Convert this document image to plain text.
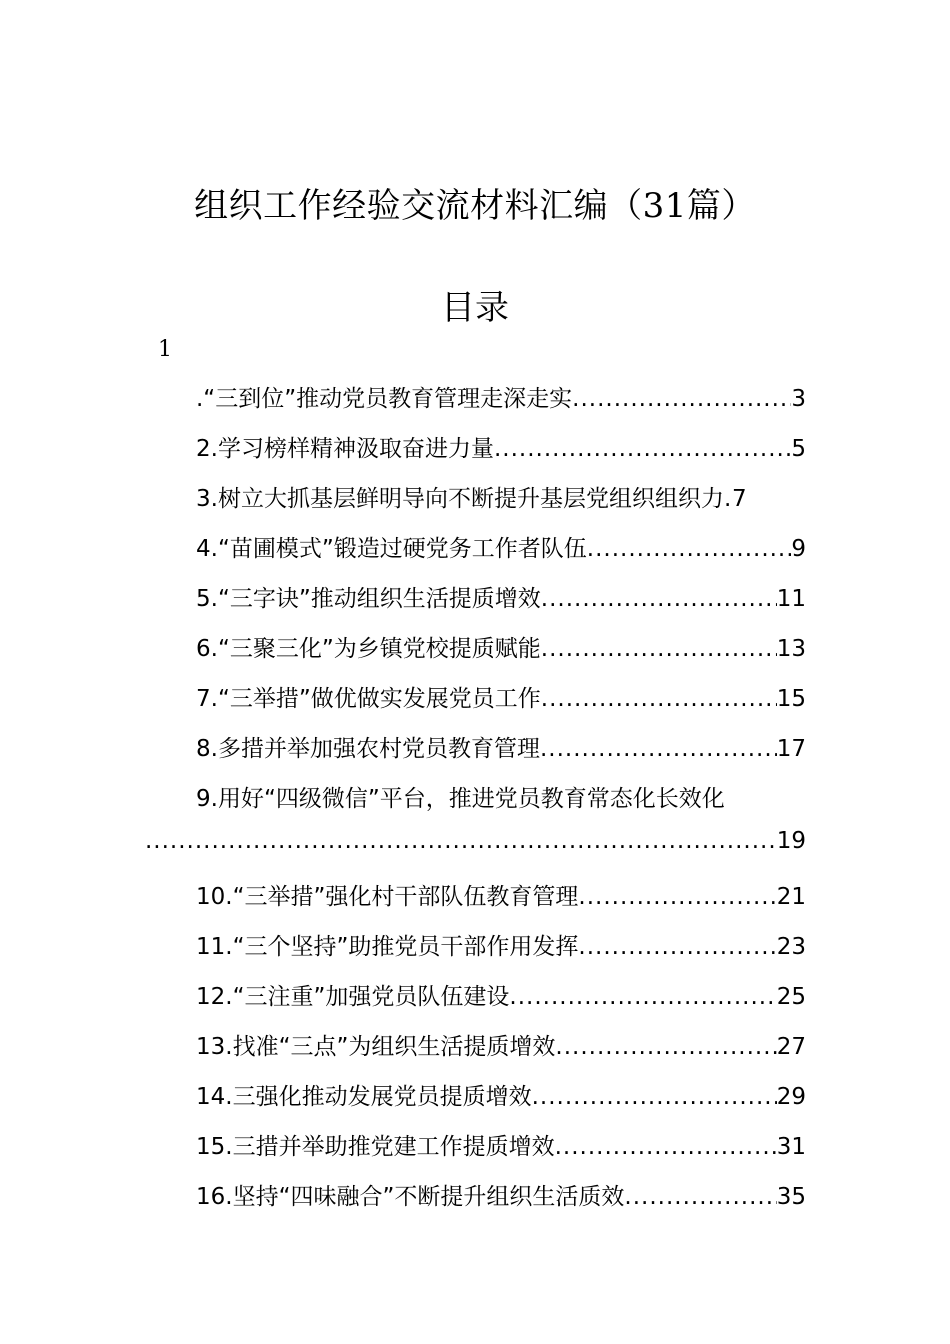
组织工作经验交流材料汇编（31篇）
目录
1
.“三到位”推动党员教育管理走深走实 .....	3
2.学习榜样精神汲取奋进力量 .....	5
3.树立大抓基层鲜明导向不断提升基层党组织组织力 ..... 7
4.“苗圃模式”锻造过硬党务工作者队伍 .....	9
5.“三字诀”推动组织生活提质增效 .....	11
6.“三聚三化”为乡镇党校提质赋能 .....	13
7.“三举措”做优做实发展党员工作 .....	15
8.多措并举加强农村党员教育管理 .....	17
9.用好“四级微信”平台，推进党员教育常态化长效化
.....
19
10.“三举措”强化村干部队伍教育管理 .....	21
11.“三个坚持”助推党员干部作用发挥 .....	23
12.“三注重”加强党员队伍建设 .....	25
13.找准“三点”为组织生活提质增效 .....	27
14.三强化推动发展党员提质增效 .....	29
15.三措并举助推党建工作提质增效 .....	31
16.坚持“四味融合”不断提升组织生活质效 .....	35
